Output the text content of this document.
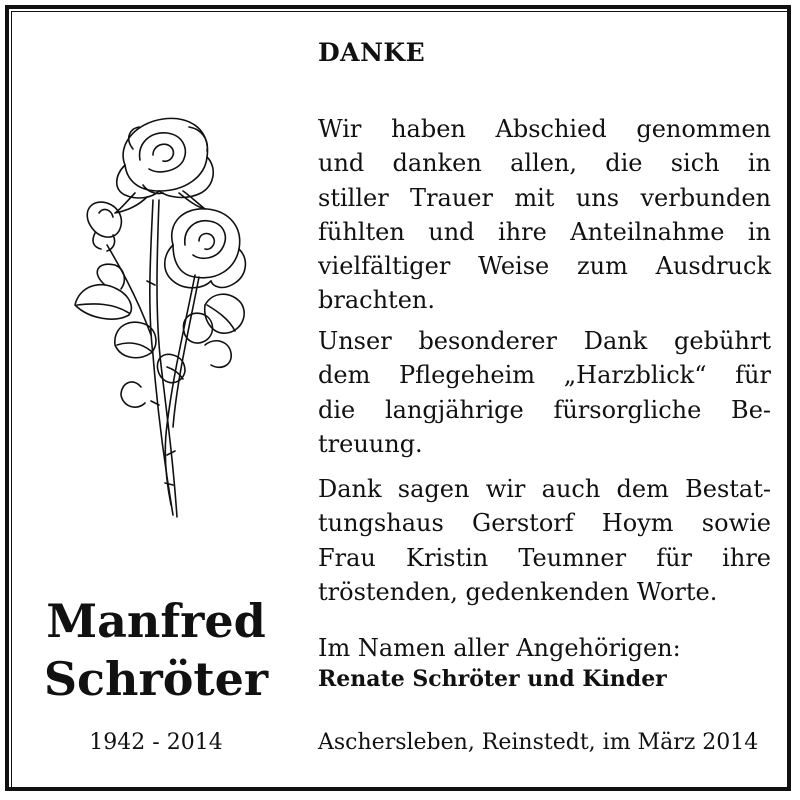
DANKE
Wir haben Abschied genommen
und danken allen, die sich in
stiller Trauer mit uns verbunden
fühlten und ihre Anteilnahme in
vielfältiger Weise zum Ausdruck
brachten.
Unser besonderer Dank gebührt
dem Pflegeheim „Harzblick“ für
die langjährige fürsorgliche Be-
treuung.
Dank sagen wir auch dem Bestat-
tungshaus Gerstorf Hoym sowie
Frau Kristin Teumner für ihre
tröstenden, gedenkenden Worte.

Im Namen aller Angehörigen:

Renate Schröter und Kinder

Aschersleben, Reinstedt, im März 2014

Manfred
Schröter
1942 - 2014
